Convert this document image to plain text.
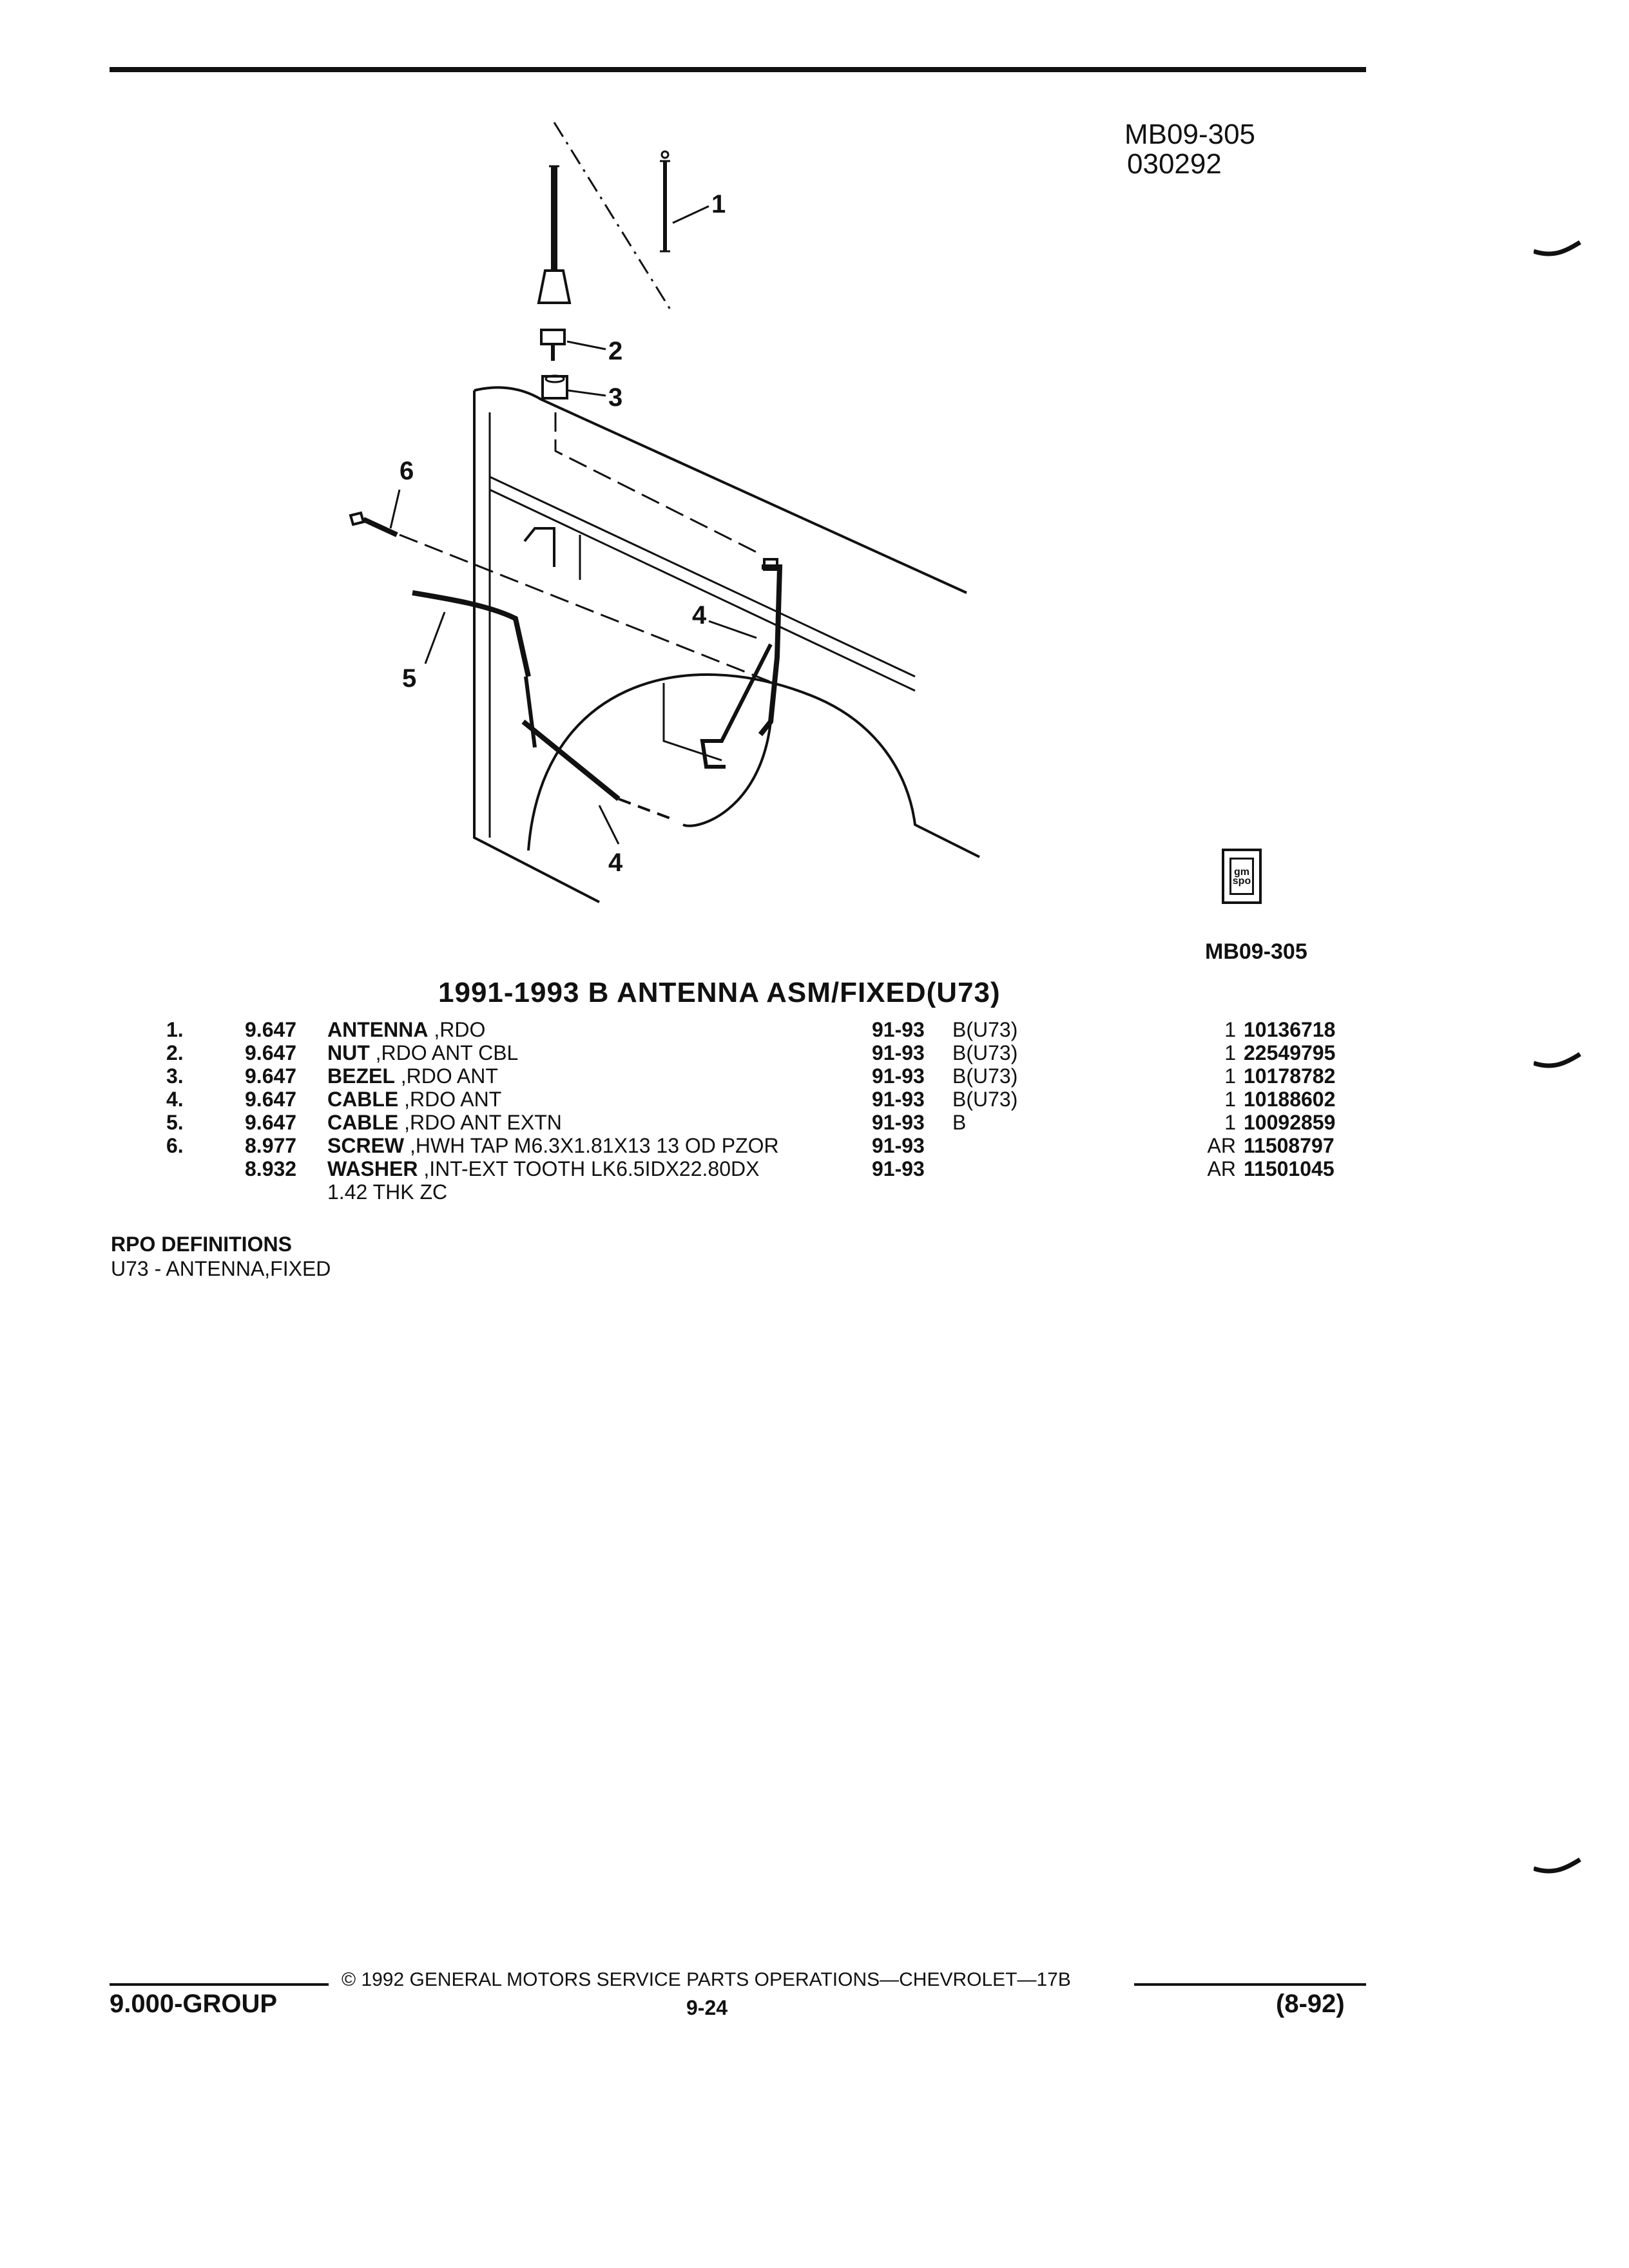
MB09-305
030292
1
2
3
4
5
6
4	gm spo
MB09-305
1991-1993 B ANTENNA ASM/FIXED(U73)
1.	9.647 ANTENNA ,RDO	91-93 B(U73)	1 10136718
2.	9.647 NUT ,RDO ANT CBL	91-93 B(U73)	1 22549795
3.	9.647 BEZEL ,RDO ANT	91-93 B(U73)	1 10178782
4.	9.647 CABLE ,RDO ANT	91-93 B(U73)	1 10188602
5.	9.647 CABLE ,RDO ANT EXTN	91-93 B	1 10092859
6.	8.977 SCREW ,HWH TAP M6.3X1.81X13 13 OD PZOR	91-93	AR 11508797
8.932 WASHER ,INT-EXT TOOTH LK6.5IDX22.80DX	91-93	AR 11501045
1.42 THK ZC
RPO DEFINITIONS
U73 - ANTENNA,FIXED
© 1992 GENERAL MOTORS SERVICE PARTS OPERATIONS—CHEVROLET—17B
9.000-GROUP	9-24	(8-92)
